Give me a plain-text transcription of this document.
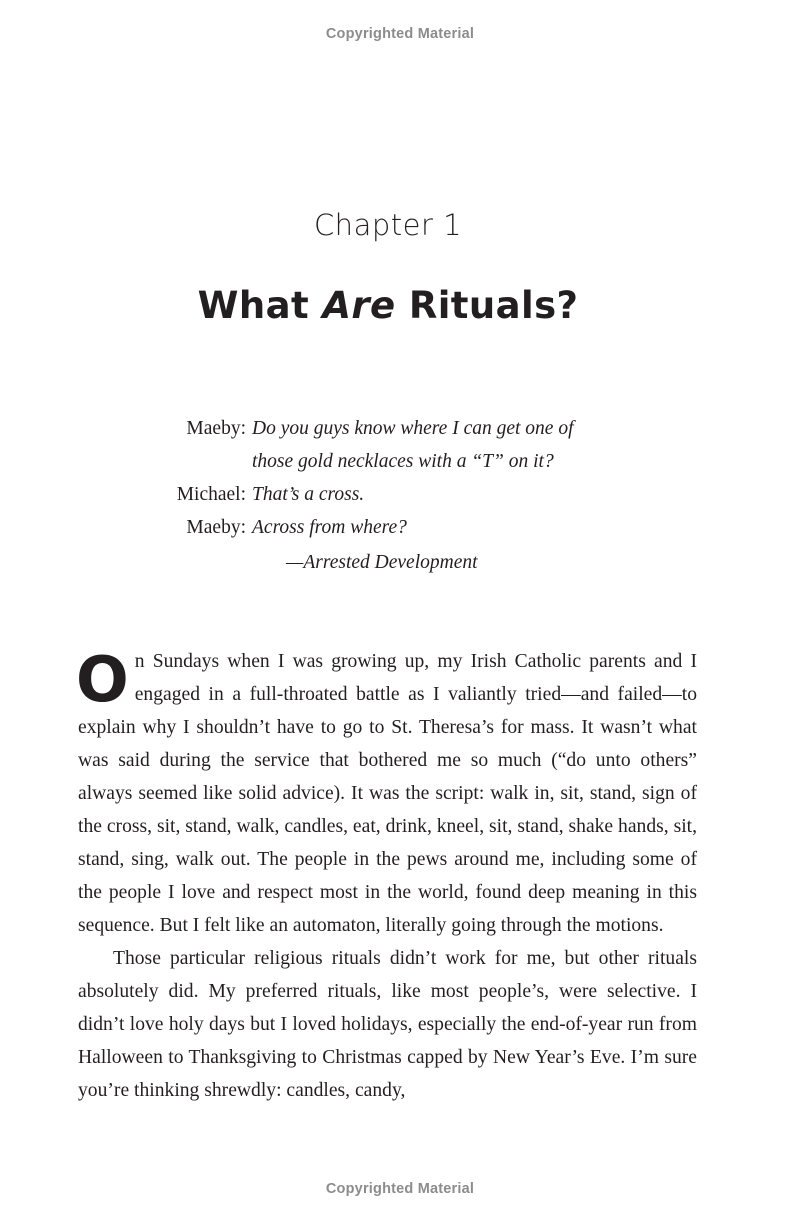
Copyrighted Material
Chapter 1
What Are Rituals?
Maeby: Do you guys know where I can get one of
those gold necklaces with a “T” on it?
Michael: That’s a cross.
Maeby: Across from where?
—Arrested Development

On Sundays when I was growing up, my Irish Catholic parents and I engaged in a full-throated battle as I valiantly tried—and failed—to explain why I shouldn’t have to go to St. Theresa’s for mass. It wasn’t what was said during the service that bothered me so much (“do unto others” always seemed like solid advice). It was the script: walk in, sit, stand, sign of the cross, sit, stand, walk, candles, eat, drink, kneel, sit, stand, shake hands, sit, stand, sing, walk out. The people in the pews around me, including some of the people I love and respect most in the world, found deep meaning in this sequence. But I felt like an automaton, literally going through the motions.

Those particular religious rituals didn’t work for me, but other rituals absolutely did. My preferred rituals, like most people’s, were selective. I didn’t love holy days but I loved holidays, especially the end-of-year run from Halloween to Thanksgiving to Christmas capped by New Year’s Eve. I’m sure you’re thinking shrewdly: candles, candy,

Copyrighted Material
